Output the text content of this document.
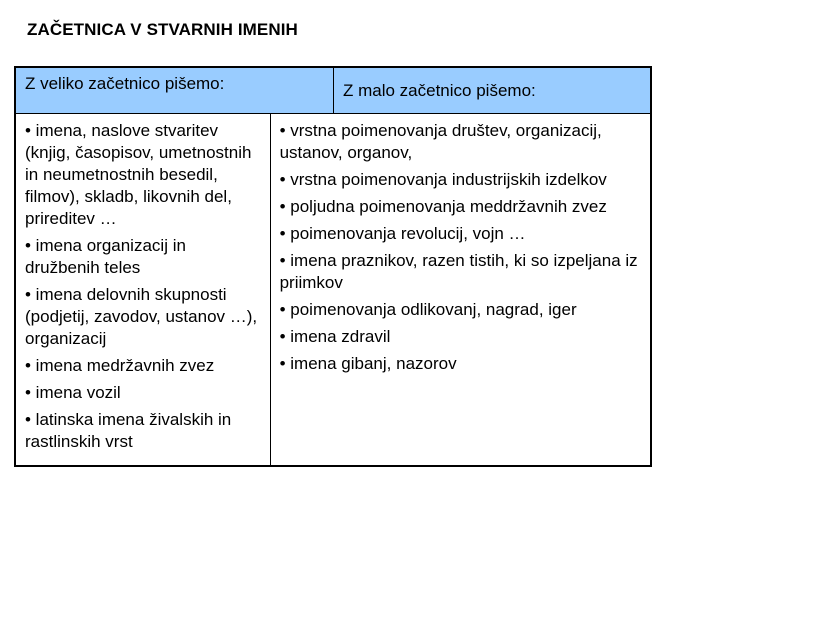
ZAČETNICA V STVARNIH IMENIH
Z veliko začetnico pišemo:	Z malo začetnico pišemo:
• imena, naslove stvaritev (knjig, časopisov, umetnostnih in neumetnostnih besedil, filmov), skladb, likovnih del, prireditev …
• imena organizacij in družbenih teles
• imena delovnih skupnosti (podjetij, zavodov, ustanov …), organizacij
• imena medržavnih zvez
• imena vozil
• latinska imena živalskih in rastlinskih vrst
• vrstna poimenovanja društev, organizacij, ustanov, organov,
• vrstna poimenovanja industrijskih izdelkov
• poljudna poimenovanja meddržavnih zvez
• poimenovanja revolucij, vojn …
• imena praznikov, razen tistih, ki so izpeljana iz priimkov
• poimenovanja odlikovanj, nagrad, iger
• imena zdravil
• imena gibanj, nazorov
